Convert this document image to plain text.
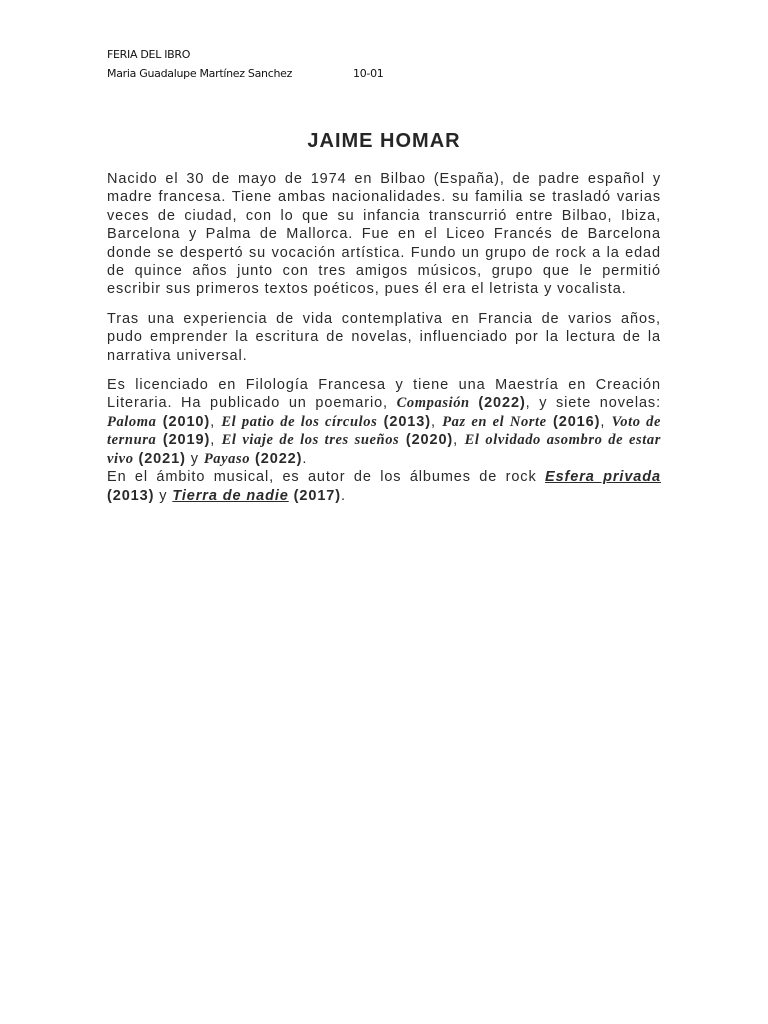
FERIA DEL IBRO
Maria Guadalupe Martínez Sanchez	10-01
JAIME HOMAR

Nacido el 30 de mayo de 1974 en Bilbao (España), de padre español y madre francesa. Tiene ambas nacionalidades. su familia se trasladó varias veces de ciudad, con lo que su infancia transcurrió entre Bilbao, Ibiza, Barcelona y Palma de Mallorca. Fue en el Liceo Francés de Barcelona donde se despertó su vocación artística. Fundo un grupo de rock a la edad de quince años junto con tres amigos músicos, grupo que le permitió escribir sus primeros textos poéticos, pues él era el letrista y vocalista.

Tras una experiencia de vida contemplativa en Francia de varios años, pudo emprender la escritura de novelas, influenciado por la lectura de la narrativa universal.

Es licenciado en Filología Francesa y tiene una Maestría en Creación Literaria. Ha publicado un poemario, Compasión (2022), y siete novelas: Paloma (2010), El patio de los círculos (2013), Paz en el Norte (2016), Voto de ternura (2019), El viaje de los tres sueños (2020), El olvidado asombro de estar vivo (2021) y Payaso (2022).

En el ámbito musical, es autor de los álbumes de rock Esfera privada (2013) y Tierra de nadie (2017).
